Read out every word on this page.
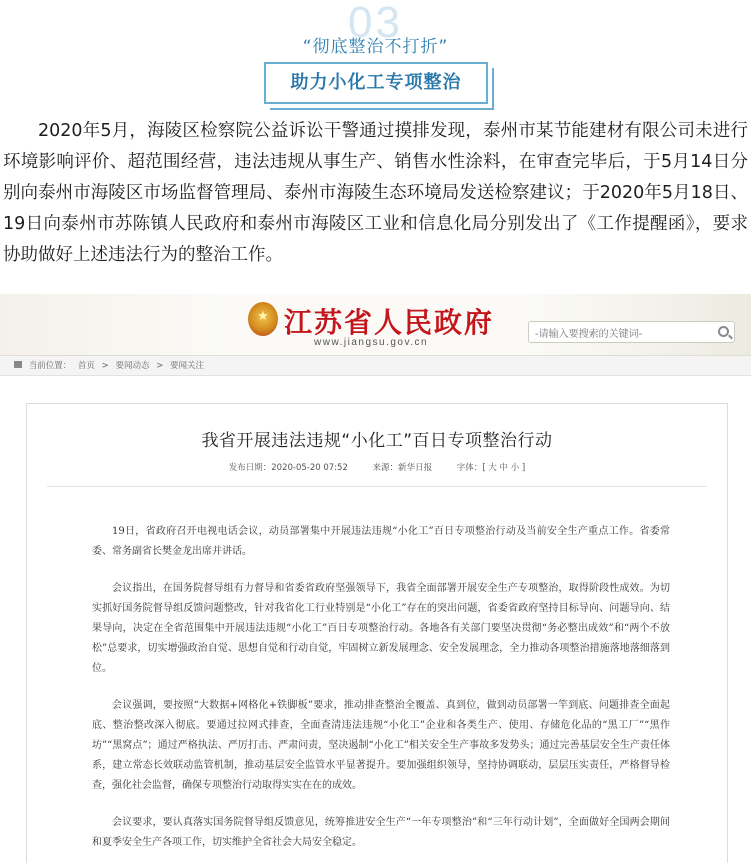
03
“彻底整治不打折”
助力小化工专项整治
2020年5月，海陵区检察院公益诉讼干警通过摸排发现，泰州市某节能建材有限公司未进行环境影响评价、超范围经营，违法违规从事生产、销售水性涂料，在审查完毕后，于5月14日分别向泰州市海陵区市场监督管理局、泰州市海陵生态环境局发送检察建议；于2020年5月18日、19日向泰州市苏陈镇人民政府和泰州市海陵区工业和信息化局分别发出了《工作提醒函》，要求协助做好上述违法行为的整治工作。
★
江苏省人民政府
www.jiangsu.gov.cn
-请输入要搜索的关键词-
当前位置： 首页 > 要闻动态 > 要闻关注
我省开展违法违规“小化工”百日专项整治行动
发布日期：2020-05-20 07:52	来源：新华日报	字体：[ 大 中 小 ]

19日，省政府召开电视电话会议，动员部署集中开展违法违规“小化工”百日专项整治行动及当前安全生产重点工作。省委常委、常务副省长樊金龙出席并讲话。

会议指出，在国务院督导组有力督导和省委省政府坚强领导下，我省全面部署开展安全生产专项整治，取得阶段性成效。为切实抓好国务院督导组反馈问题整改，针对我省化工行业特别是“小化工”存在的突出问题，省委省政府坚持目标导向、问题导向、结果导向，决定在全省范围集中开展违法违规“小化工”百日专项整治行动。各地各有关部门要坚决贯彻“务必整出成效”和“两个不放松”总要求，切实增强政治自觉、思想自觉和行动自觉，牢固树立新发展理念、安全发展理念，全力推动各项整治措施落地落细落到位。

会议强调，要按照“大数据+网格化+铁脚板”要求，推动排查整治全覆盖、真到位，做到动员部署一竿到底、问题排查全面起底、整治整改深入彻底。要通过拉网式排查，全面查清违法违规“小化工”企业和各类生产、使用、存储危化品的“黑工厂”“黑作坊”“黑窝点”；通过严格执法、严厉打击、严肃问责，坚决遏制“小化工”相关安全生产事故多发势头；通过完善基层安全生产责任体系，建立常态长效联动监管机制，推动基层安全监管水平显著提升。要加强组织领导，坚持协调联动，层层压实责任，严格督导检查，强化社会监督，确保专项整治行动取得实实在在的成效。

会议要求，要认真落实国务院督导组反馈意见，统筹推进安全生产“一年专项整治”和“三年行动计划”，全面做好全国两会期间和夏季安全生产各项工作，切实维护全省社会大局安全稳定。
